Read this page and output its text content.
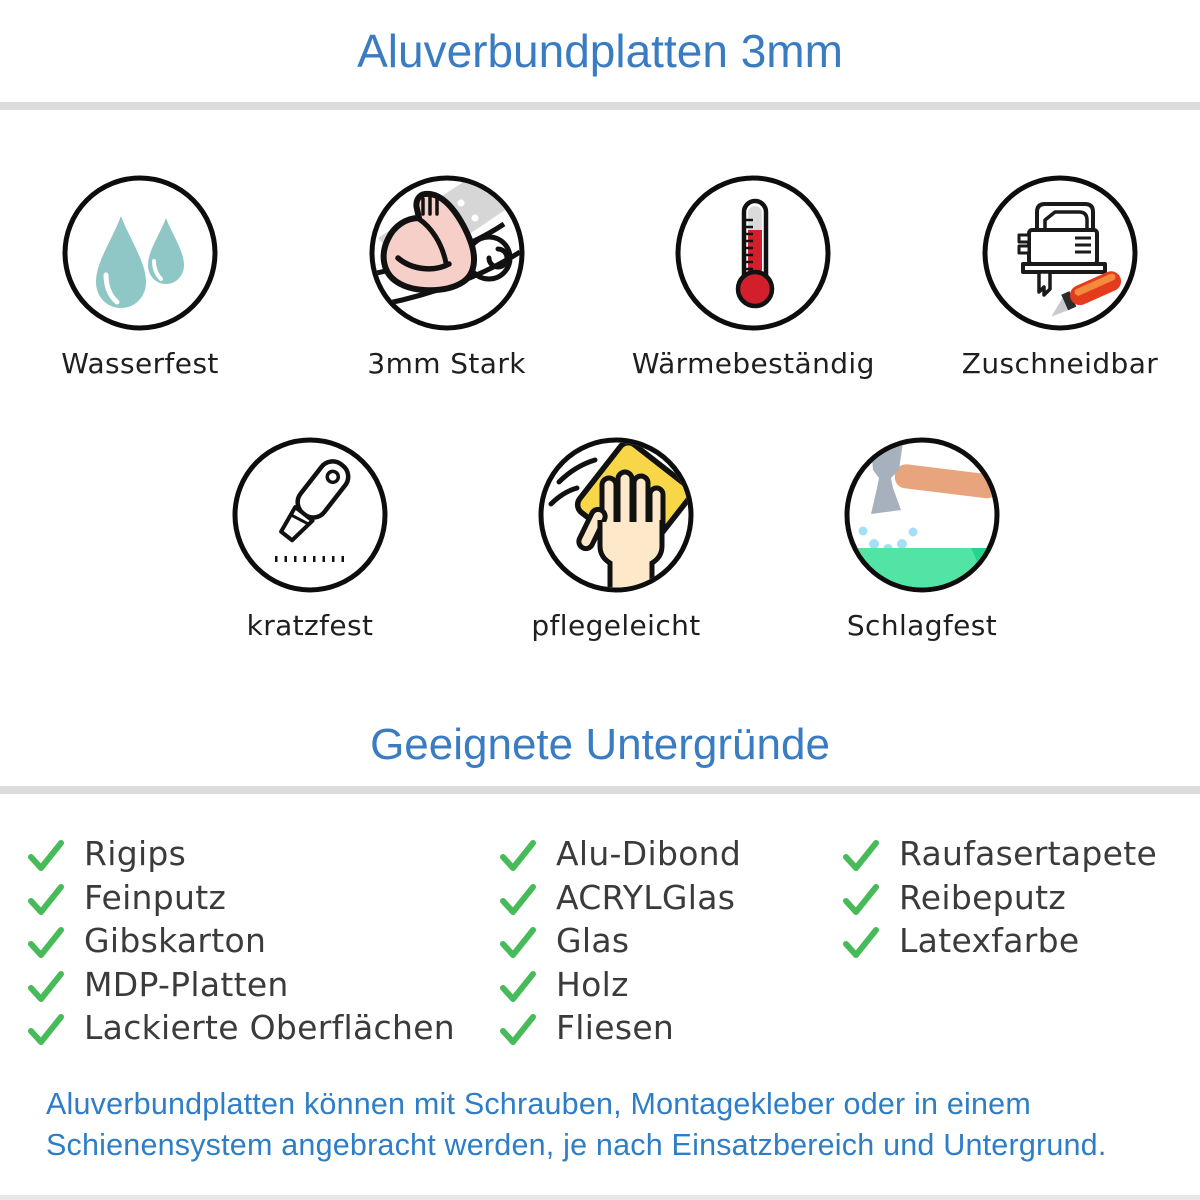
Aluverbundplatten 3mm
Wasserfest	3mm Stark	Wärmebeständig	Zuschneidbar
kratzfest	pflegeleicht	Schlagfest
Geeignete Untergründe
Rigips
Feinputz
Gibskarton
MDP-Platten
Lackierte Oberflächen
Alu-Dibond
ACRYLGlas
Glas
Holz
Fliesen
Raufasertapete
Reibeputz
Latexfarbe
Aluverbundplatten können mit Schrauben, Montagekleber oder in einem
Schienensystem angebracht werden, je nach Einsatzbereich und Untergrund.
